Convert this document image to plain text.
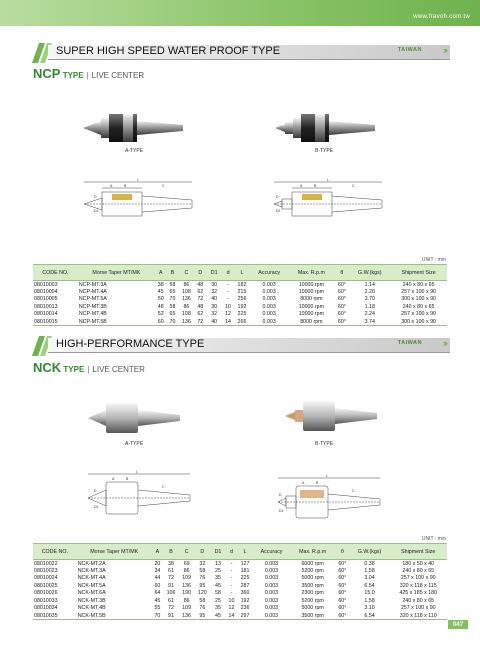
www.fravoh.com.tw
SUPER HIGH SPEED WATER PROOF TYPE	TAIWAN ›››
NCP TYPE | LIVE CENTER
A-TYPE	B-TYPE
L
A	B	C
D
D1
L
A	B	C
D
D1
UNIT : mm
CODE NO.	Morse Taper MT/MK	A	B	C	D	D1	d	L	Accuracy	Max. R.p.m	θ	G.W.(kgs)	Shipment Size
08010003	NCP-MT.3A	38	58	86	48	30	-	182	0.003	10000 rpm	60°	1.14	240 x 80 x 65
08010004	NCP-MT.4A	45	65	108	62	32	-	215	0.003	10000 rpm	60°	2.20	257 x 100 x 90
08010005	NCP-MT.5A	50	70	136	72	40	-	256	0.003	8000 rpm	60°	3.70	300 x 100 x 90
08010013	NCP-MT.3B	48	58	86	48	30	10	192	0.003	10000 rpm	60°	1.18	240 x 80 x 65
08010014	NCP-MT.4B	52	65	108	62	32	12	225	0.003	10000 rpm	60°	2.24	257 x 100 x 90
08010015	NCP-MT.5B	60	70	136	72	40	14	266	0.003	8000 rpm	60°	3.74	300 x 100 x 90
HIGH-PERFORMANCE TYPE	TAIWAN ›››
NCK TYPE | LIVE CENTER
A-TYPE	B-TYPE
L
A	B
C
D
D1
L
A	B
C
D
D1
UNIT : mm
CODE NO.	Morse Taper MT/MK	A	B	C	D	D1	d	L	Accuracy	Max. R.p.m	θ	G.W.(kgs)	Shipment Size
08010022	NCK-MT.2A	20	38	69	32	13	-	127	0.003	6000 rpm	60°	0.38	180 x 50 x 40
08010023	NCK-MT.3A	34	61	86	58	25	-	181	0.003	5200 rpm	60°	1.58	240 x 80 x 65
08010024	NCK-MT.4A	44	72	109	76	35	-	225	0.003	5000 rpm	60°	3.04	257 x 100 x 90
08010025	NCK-MT.5A	60	91	136	95	45	-	287	0.003	3500 rpm	60°	6.54	320 x 118 x 115
08010026	NCK-MT.6A	64	106	190	120	58	-	360	0.003	2300 rpm	60°	15.0	425 x 185 x 180
08010033	NCK-MT.3B	45	61	86	58	25	10	192	0.003	5200 rpm	60°	1.58	240 x 80 x 65
08010034	NCK-MT.4B	55	72	109	76	35	12	236	0.003	5000 rpm	60°	3.10	257 x 100 x 90
08010035	NCK-MT.5B	70	91	136	95	45	14	297	0.003	3500 rpm	60°	6.54	320 x 118 x 110
047
